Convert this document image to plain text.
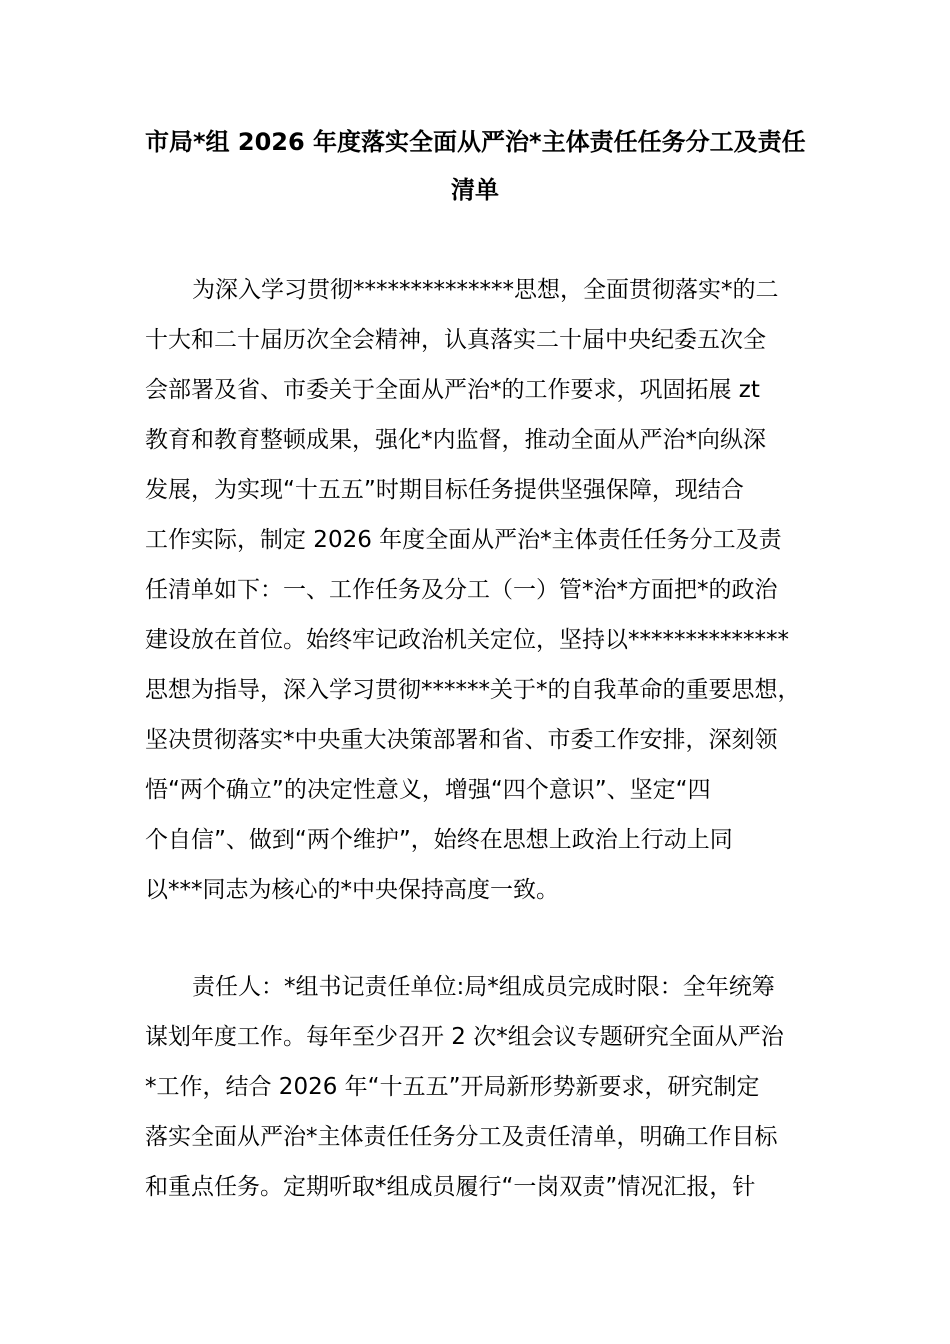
市局*组 2026 年度落实全面从严治*主体责任任务分工及责任
清单
为深入学习贯彻**************思想，全面贯彻落实*的二
十大和二十届历次全会精神，认真落实二十届中央纪委五次全
会部署及省、市委关于全面从严治*的工作要求，巩固拓展 zt
教育和教育整顿成果，强化*内监督，推动全面从严治*向纵深
发展，为实现“十五五”时期目标任务提供坚强保障，现结合
工作实际，制定 2026 年度全面从严治*主体责任任务分工及责
任清单如下：一、工作任务及分工（一）管*治*方面把*的政治
建设放在首位。始终牢记政治机关定位，坚持以**************
思想为指导，深入学习贯彻******关于*的自我革命的重要思想，
坚决贯彻落实*中央重大决策部署和省、市委工作安排，深刻领
悟“两个确立”的决定性意义，增强“四个意识”、坚定“四
个自信”、做到“两个维护”，始终在思想上政治上行动上同
以***同志为核心的*中央保持高度一致。
责任人：*组书记责任单位:局*组成员完成时限：全年统筹
谋划年度工作。每年至少召开 2 次*组会议专题研究全面从严治
*工作，结合 2026 年“十五五”开局新形势新要求，研究制定
落实全面从严治*主体责任任务分工及责任清单，明确工作目标
和重点任务。定期听取*组成员履行“一岗双责”情况汇报，针
